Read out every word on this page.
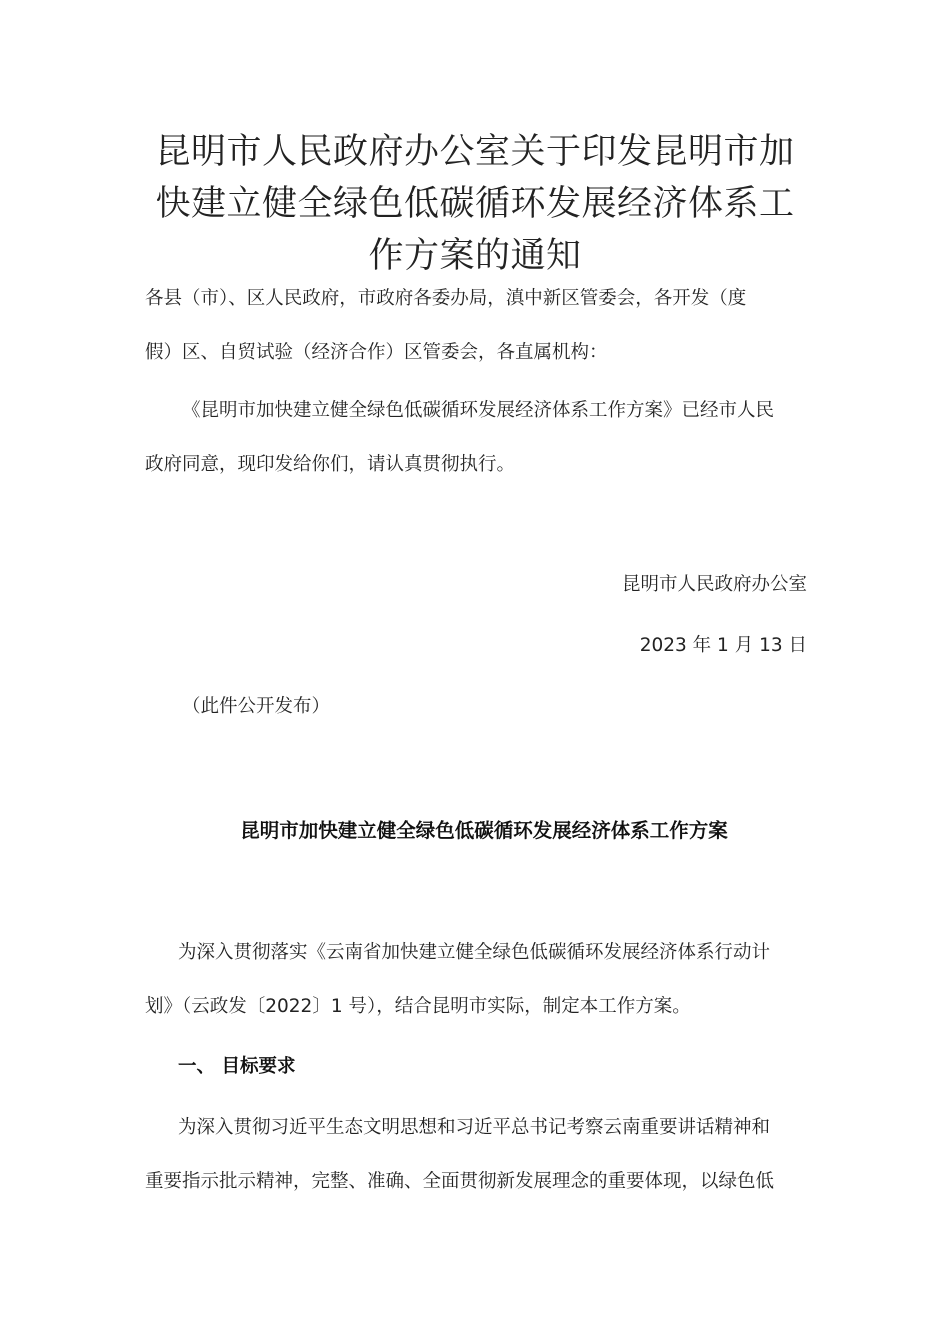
昆明市人民政府办公室关于印发昆明市加
快建立健全绿色低碳循环发展经济体系工
作方案的通知
各县（市）、区人民政府，市政府各委办局，滇中新区管委会，各开发（度
假）区、自贸试验（经济合作）区管委会，各直属机构：
《昆明市加快建立健全绿色低碳循环发展经济体系工作方案》已经市人民
政府同意，现印发给你们，请认真贯彻执行。
昆明市人民政府办公室
2023 年 1 月 13 日
（此件公开发布）
昆明市加快建立健全绿色低碳循环发展经济体系工作方案
为深入贯彻落实《云南省加快建立健全绿色低碳循环发展经济体系行动计
划》（云政发〔2022〕1 号），结合昆明市实际，制定本工作方案。
一、 目标要求
为深入贯彻习近平生态文明思想和习近平总书记考察云南重要讲话精神和
重要指示批示精神，完整、准确、全面贯彻新发展理念的重要体现，以绿色低
